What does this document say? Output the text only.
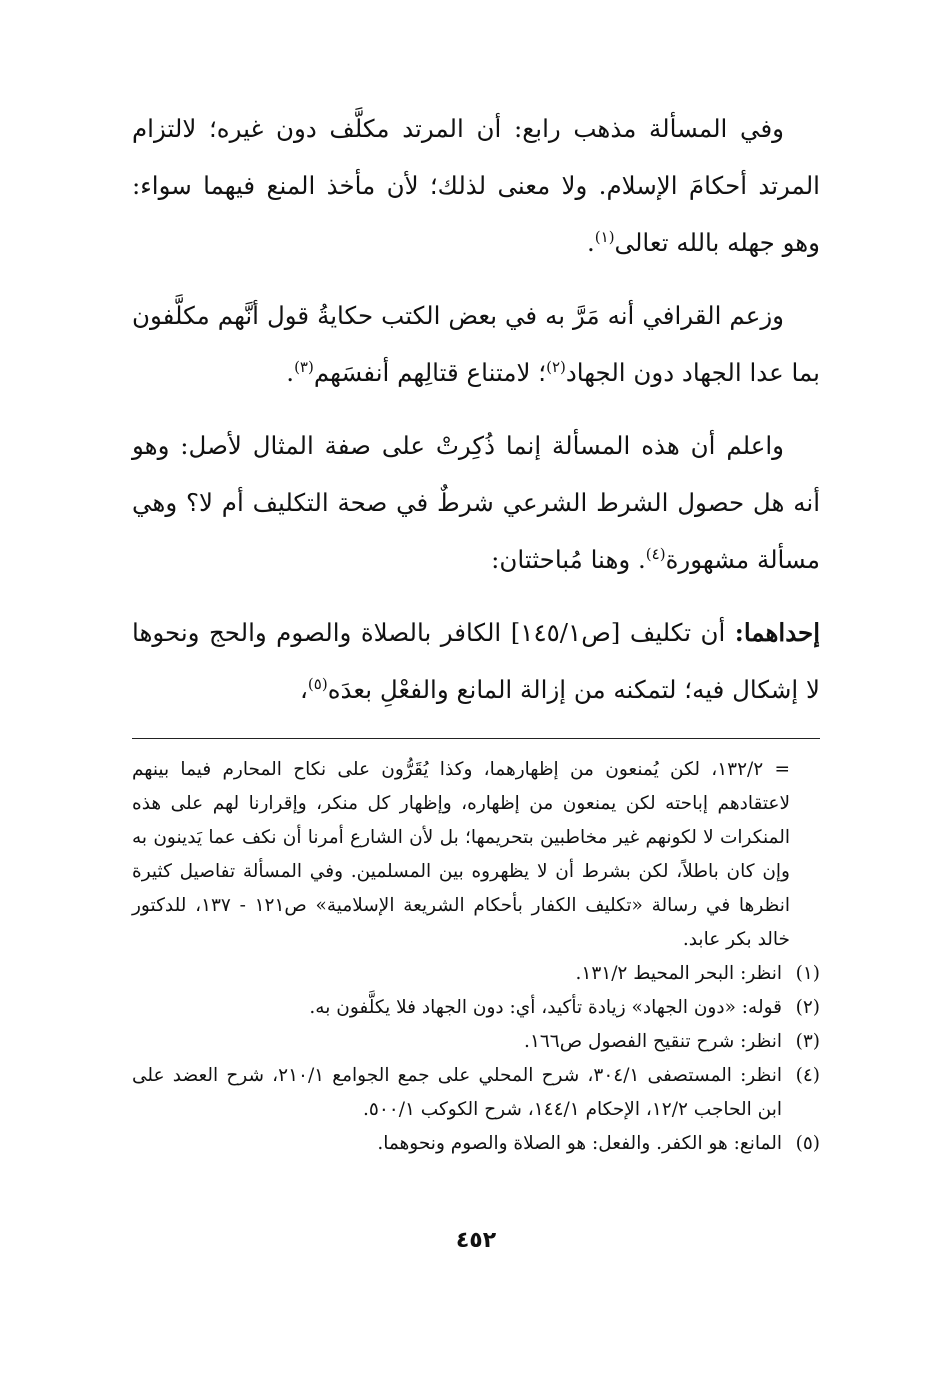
وفي المسألة مذهب رابع: أن المرتد مكلَّف دون غيره؛ لالتزام المرتد أحكامَ الإسلام. ولا معنى لذلك؛ لأن مأخذ المنع فيهما سواء: وهو جهله بالله تعالى$^{(١)}$.

وزعم القرافي أنه مَرَّ به في بعض الكتب حكايةُ قول أنَّهم مكلَّفون بما عدا الجهاد دون الجهاد$^{(٢)}$؛ لامتناع قتالِهم أنفسَهم$^{(٣)}$.

واعلم أن هذه المسألة إنما ذُكِرتْ على صفة المثال لأصل: وهو أنه هل حصول الشرط الشرعي شرطٌ في صحة التكليف أم لا؟ وهي مسألة مشهورة$^{(٤)}$. وهنا مُباحثتان:

إحداهما: أن تكليف [ص١٤٥/١] الكافر بالصلاة والصوم والحج ونحوها لا إشكال فيه؛ لتمكنه من إزالة المانع والفعْلِ بعدَه$^{(٥)}$،

= ١٣٢/٢، لكن يُمنعون من إظهارهما، وكذا يُقَرُّون على نكاح المحارم فيما بينهم لاعتقادهم إباحته لكن يمنعون من إظهاره، وإظهار كل منكر، وإقرارنا لهم على هذه المنكرات لا لكونهم غير مخاطبين بتحريمها؛ بل لأن الشارع أمرنا أن نكف عما يَدينون به وإن كان باطلاً، لكن بشرط أن لا يظهروه بين المسلمين. وفي المسألة تفاصيل كثيرة انظرها في رسالة «تكليف الكفار بأحكام الشريعة الإسلامية» ص١٢١ - ١٣٧، للدكتور خالد بكر عابد.

(١)
انظر: البحر المحيط ١٣١/٢.
(٢)
قوله: «دون الجهاد» زيادة تأكيد، أي: دون الجهاد فلا يكلَّفون به.
(٣)
انظر: شرح تنقيح الفصول ص١٦٦.
(٤)
انظر: المستصفى ٣٠٤/١، شرح المحلي على جمع الجوامع ٢١٠/١، شرح العضد على ابن الحاجب ١٢/٢، الإحكام ١٤٤/١، شرح الكوكب ٥٠٠/١.
(٥)
المانع: هو الكفر. والفعل: هو الصلاة والصوم ونحوهما.
٤٥٢
